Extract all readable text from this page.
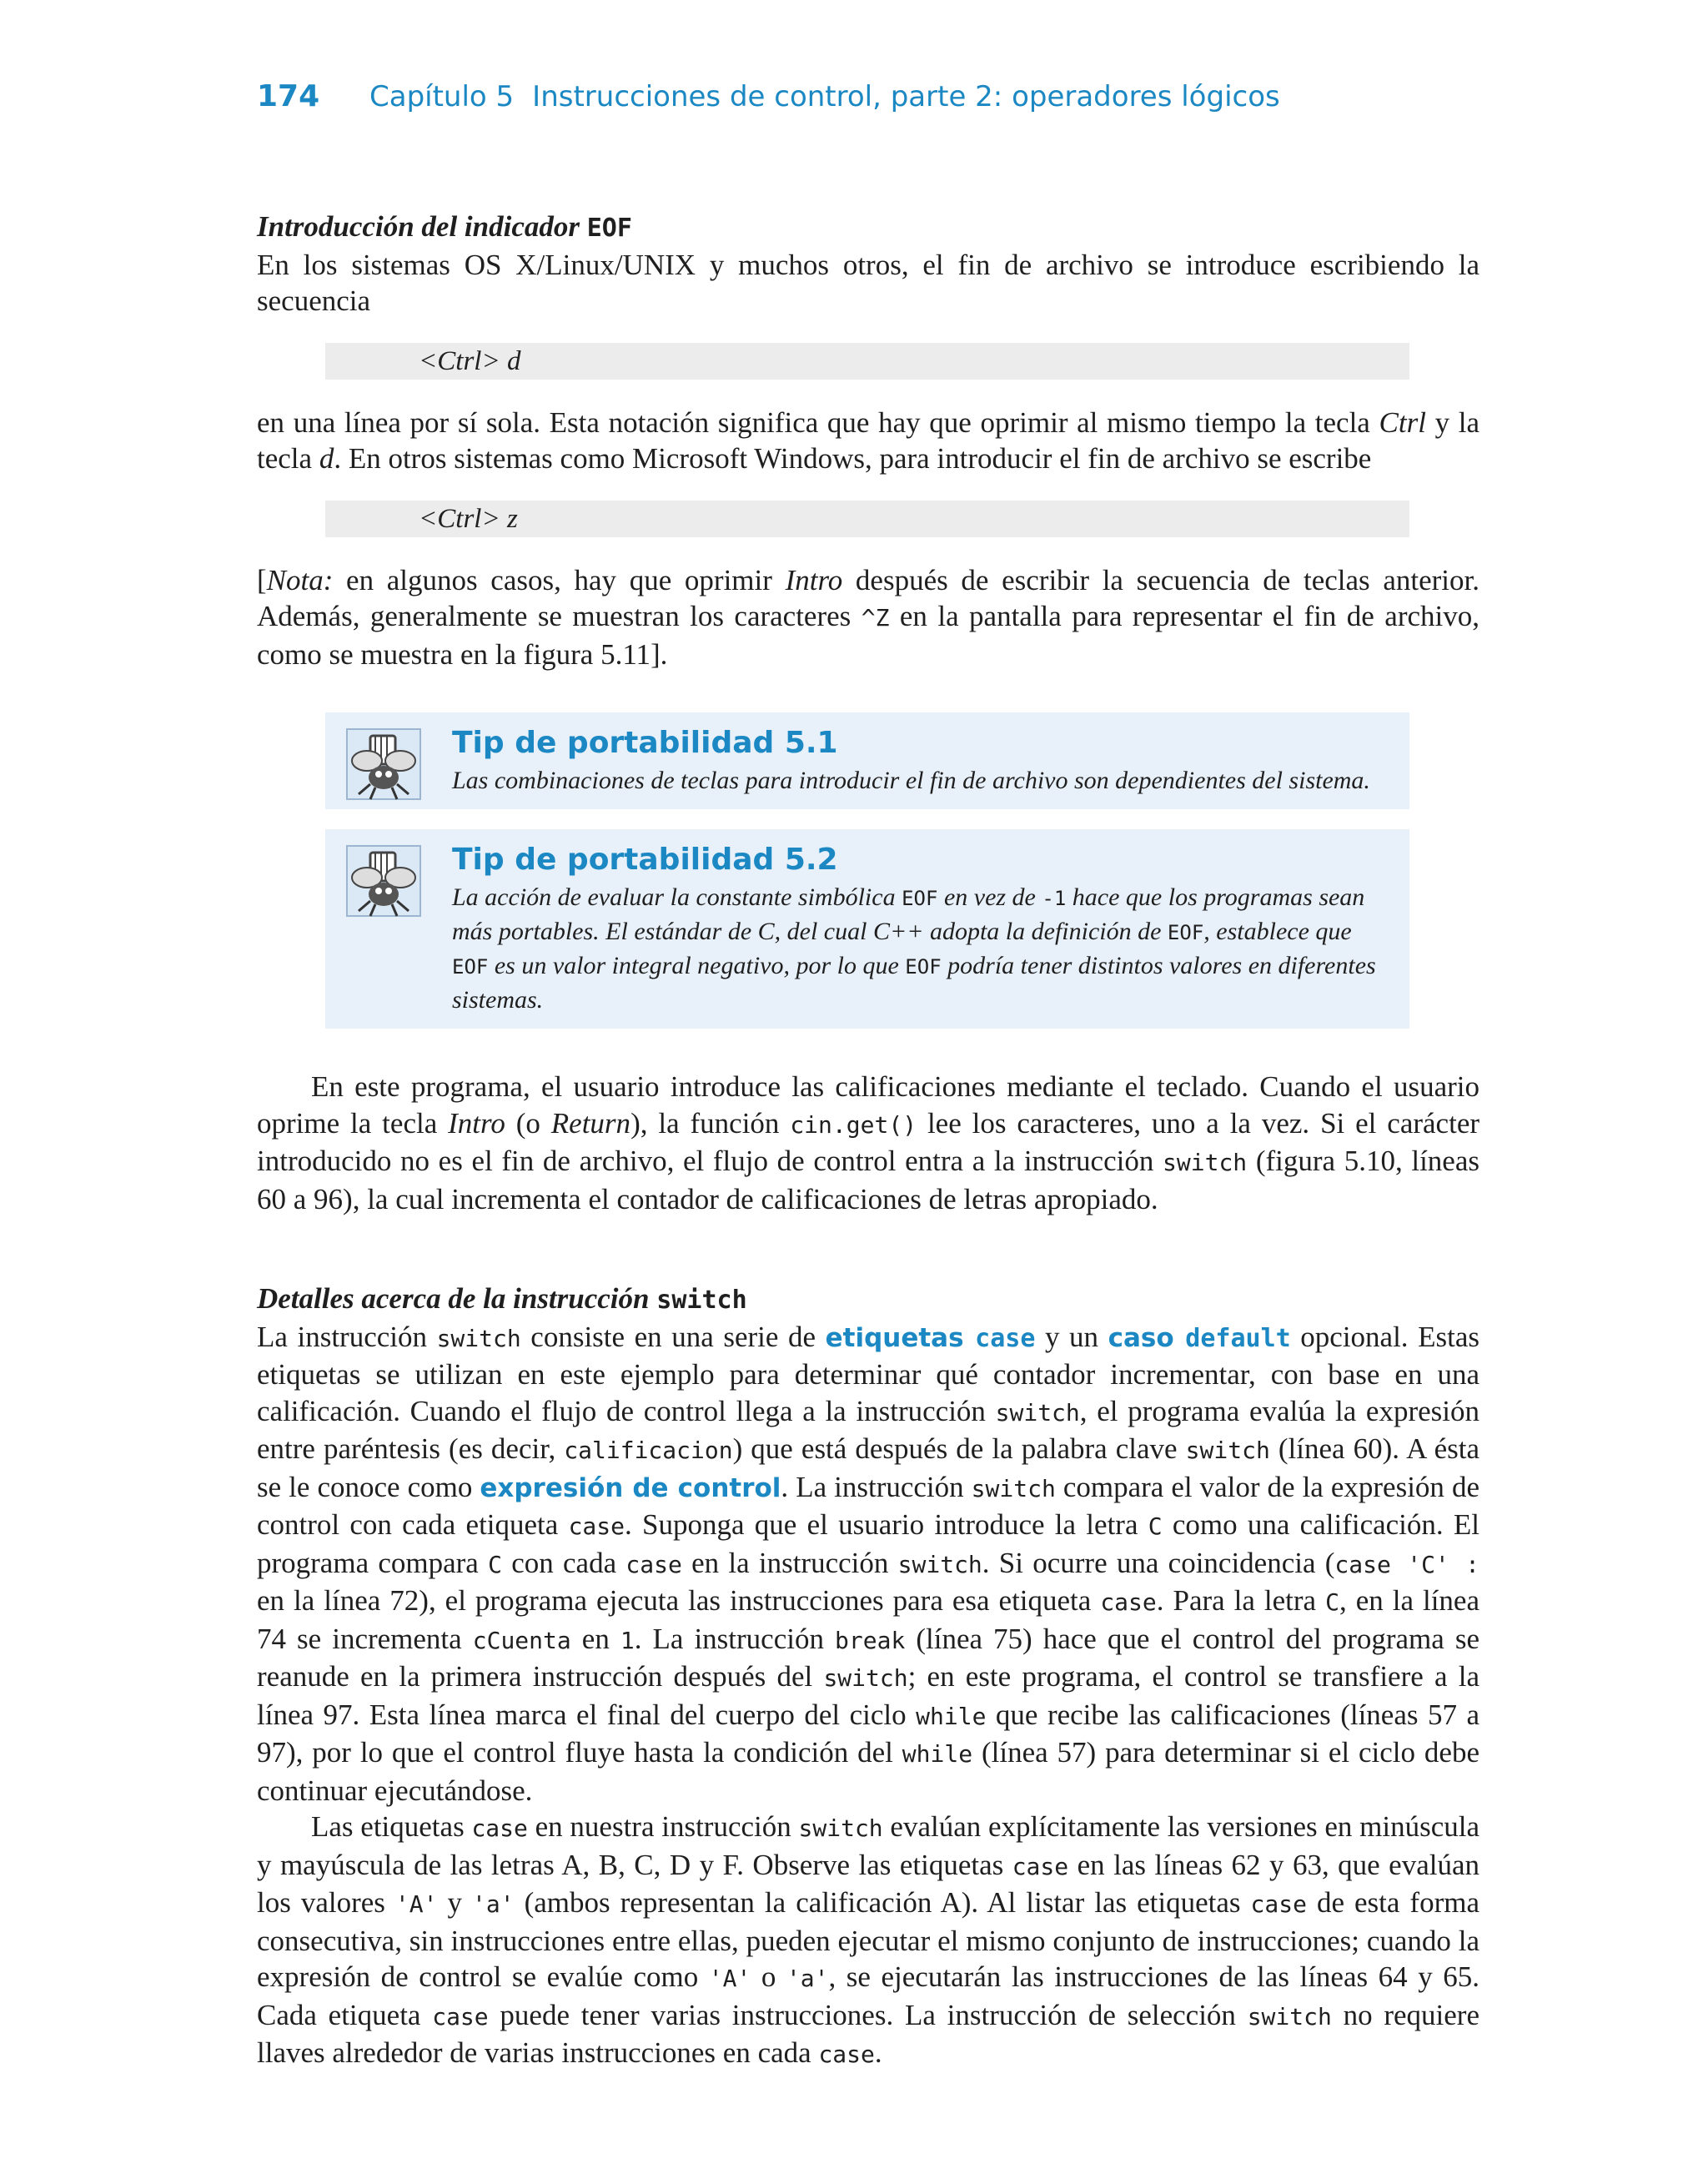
174 Capítulo 5 Instrucciones de control, parte 2: operadores lógicos

Introducción del indicador EOF

En los sistemas OS X/Linux/UNIX y muchos otros, el fin de archivo se introduce escribiendo la secuencia

<Ctrl> d

en una línea por sí sola. Esta notación significa que hay que oprimir al mismo tiempo la tecla Ctrl y la tecla d. En otros sistemas como Microsoft Windows, para introducir el fin de archivo se escribe

<Ctrl> z

[Nota: en algunos casos, hay que oprimir Intro después de escribir la secuencia de teclas anterior. Además, generalmente se muestran los caracteres ^Z en la pantalla para representar el fin de archivo, como se muestra en la figura 5.11].

Tip de portabilidad 5.1

Las combinaciones de teclas para introducir el fin de archivo son dependientes del sistema.

Tip de portabilidad 5.2

La acción de evaluar la constante simbólica EOF en vez de -1 hace que los programas sean más portables. El estándar de C, del cual C++ adopta la definición de EOF, establece que EOF es un valor integral negativo, por lo que EOF podría tener distintos valores en diferentes sistemas.

En este programa, el usuario introduce las calificaciones mediante el teclado. Cuando el usuario oprime la tecla Intro (o Return), la función cin.get() lee los caracteres, uno a la vez. Si el carácter introducido no es el fin de archivo, el flujo de control entra a la instrucción switch (figura 5.10, líneas 60 a 96), la cual incrementa el contador de calificaciones de letras apropiado.

Detalles acerca de la instrucción switch

La instrucción switch consiste en una serie de etiquetas case y un caso default opcional. Estas etiquetas se utilizan en este ejemplo para determinar qué contador incrementar, con base en una calificación. Cuando el flujo de control llega a la instrucción switch, el programa evalúa la expresión entre paréntesis (es decir, calificacion) que está después de la palabra clave switch (línea 60). A ésta se le conoce como expresión de control. La instrucción switch compara el valor de la expresión de control con cada etiqueta case. Suponga que el usuario introduce la letra C como una calificación. El programa compara C con cada case en la instrucción switch. Si ocurre una coincidencia (case 'C' : en la línea 72), el programa ejecuta las instrucciones para esa etiqueta case. Para la letra C, en la línea 74 se incrementa cCuenta en 1. La instrucción break (línea 75) hace que el control del programa se reanude en la primera instrucción después del switch; en este programa, el control se transfiere a la línea 97. Esta línea marca el final del cuerpo del ciclo while que recibe las calificaciones (líneas 57 a 97), por lo que el control fluye hasta la condición del while (línea 57) para determinar si el ciclo debe continuar ejecutándose.

Las etiquetas case en nuestra instrucción switch evalúan explícitamente las versiones en minúscula y mayúscula de las letras A, B, C, D y F. Observe las etiquetas case en las líneas 62 y 63, que evalúan los valores 'A' y 'a' (ambos representan la calificación A). Al listar las etiquetas case de esta forma consecutiva, sin instrucciones entre ellas, pueden ejecutar el mismo conjunto de instrucciones; cuando la expresión de control se evalúe como 'A' o 'a', se ejecutarán las instrucciones de las líneas 64 y 65. Cada etiqueta case puede tener varias instrucciones. La instrucción de selección switch no requiere llaves alrededor de varias instrucciones en cada case.
